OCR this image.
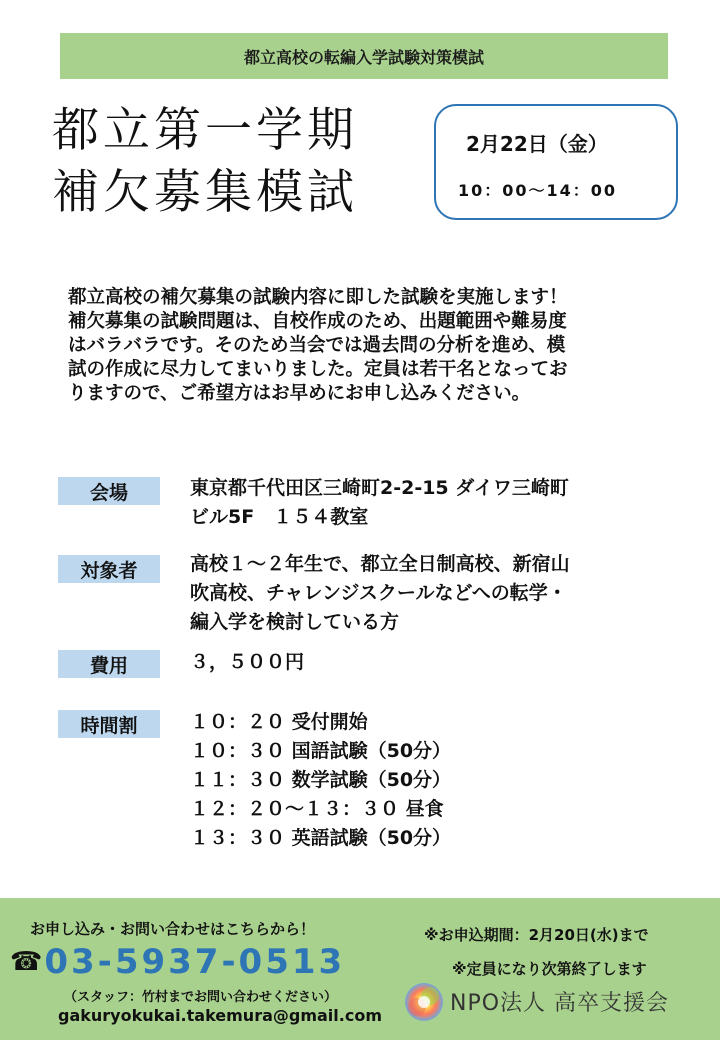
都立高校の転編入学試験対策模試
都立第一学期
補欠募集模試
2月22日（金）
10：00～14：00
都立高校の補欠募集の試験内容に即した試験を実施します！
補欠募集の試験問題は、自校作成のため、出題範囲や難易度
はバラバラです。そのため当会では過去問の分析を進め、模
試の作成に尽力してまいりました。定員は若干名となってお
りますので、ご希望方はお早めにお申し込みください。
会場	東京都千代田区三崎町2-2-15 ダイワ三崎町
ビル5F　１５４教室
対象者	高校１～２年生で、都立全日制高校、新宿山
吹高校、チャレンジスクールなどへの転学・
編入学を検討している方
費用	３，５００円
時間割	１０：２０ 受付開始
１０：３０ 国語試験（50分）
１１：３０ 数学試験（50分）
１２：２０～１３：３０ 昼食
１３：３０ 英語試験（50分）
お申し込み・お問い合わせはこちらから！
☎ 03-5937-0513
（スタッフ：竹村までお問い合わせください）
gakuryokukai.takemura@gmail.com
※お申込期間：2月20日(水)まで
※定員になり次第終了します
NPO法人 高卒支援会
